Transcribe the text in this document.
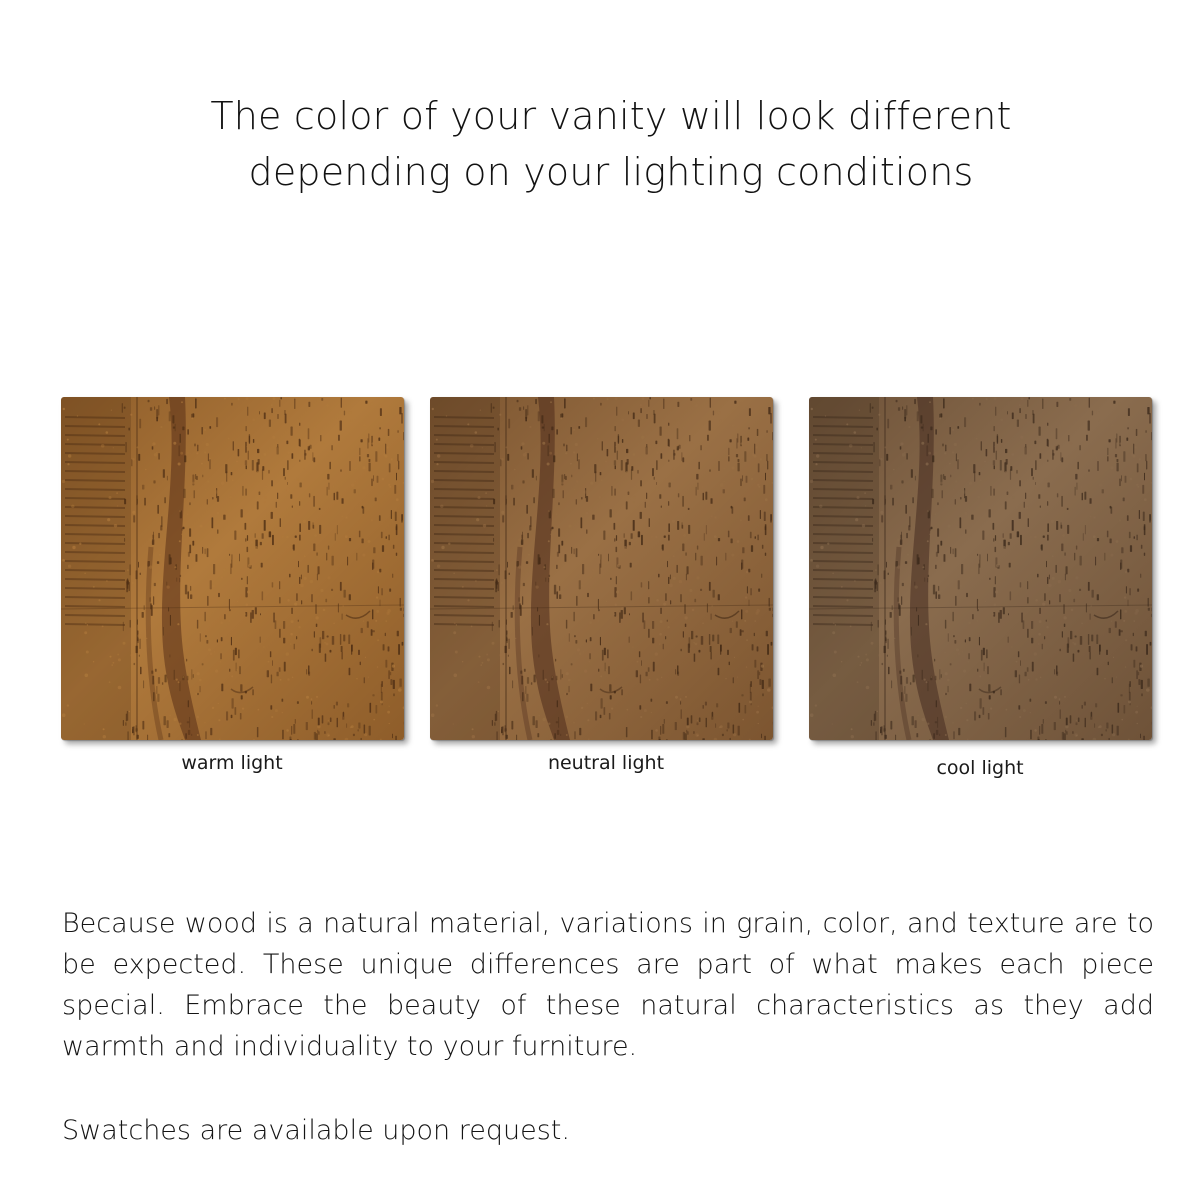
The color of your vanity will look different
depending on your lighting conditions
warm light	neutral light	cool light

Because wood is a natural material, variations in grain, color, and texture are to be expected. These unique differences are part of what makes each piece special. Embrace the beauty of these natural characteristics as they add warmth and individuality to your furniture.

Swatches are available upon request.
